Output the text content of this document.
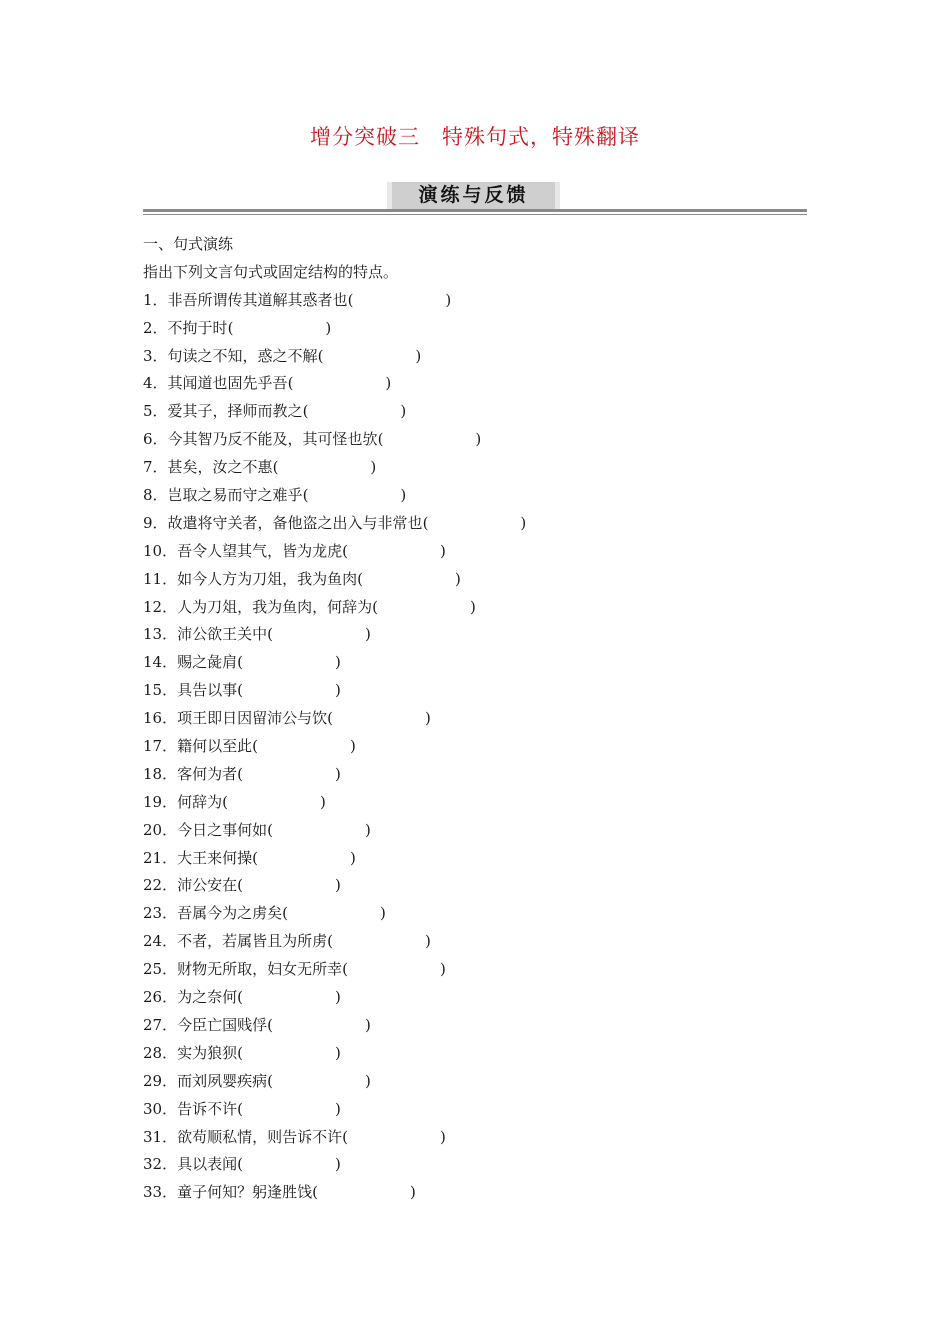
增分突破三　特殊句式，特殊翻译
演练与反馈
一、句式演练
指出下列文言句式或固定结构的特点。
1．非吾所谓传其道解其惑者也(	)
2．不拘于时(	)
3．句读之不知，惑之不解(	)
4．其闻道也固先乎吾(	)
5．爱其子，择师而教之(	)
6．今其智乃反不能及，其可怪也欤(	)
7．甚矣，汝之不惠(	)
8．岂取之易而守之难乎(	)
9．故遣将守关者，备他盗之出入与非常也(	)
10．吾令人望其气，皆为龙虎(	)
11．如今人方为刀俎，我为鱼肉(	)
12．人为刀俎，我为鱼肉，何辞为(	)
13．沛公欲王关中(	)
14．赐之彘肩(	)
15．具告以事(	)
16．项王即日因留沛公与饮(	)
17．籍何以至此(	)
18．客何为者(	)
19．何辞为(	)
20．今日之事何如(	)
21．大王来何操(	)
22．沛公安在(	)
23．吾属今为之虏矣(	)
24．不者，若属皆且为所虏(	)
25．财物无所取，妇女无所幸(	)
26．为之奈何(	)
27．今臣亡国贱俘(	)
28．实为狼狈(	)
29．而刘夙婴疾病(	)
30．告诉不许(	)
31．欲苟顺私情，则告诉不许(	)
32．具以表闻(	)
33．童子何知？躬逢胜饯(	)
